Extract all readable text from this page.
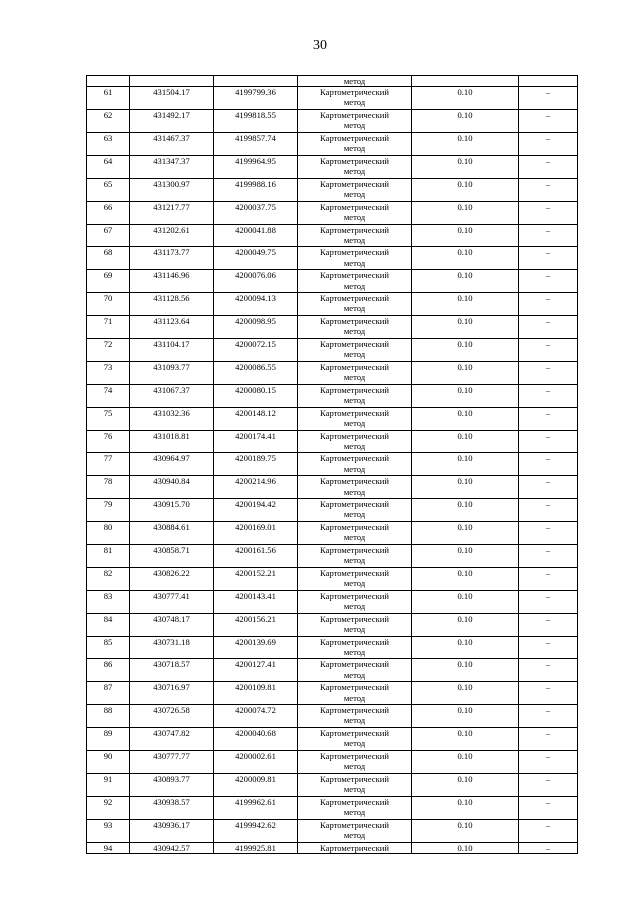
30
			метод		
61	431504.17	4199799.36	Картометрический
метод	0.10	–
62	431492.17	4199818.55	Картометрический
метод	0.10	–
63	431467.37	4199857.74	Картометрический
метод	0.10	–
64	431347.37	4199964.95	Картометрический
метод	0.10	–
65	431300.97	4199988.16	Картометрический
метод	0.10	–
66	431217.77	4200037.75	Картометрический
метод	0.10	–
67	431202.61	4200041.88	Картометрический
метод	0.10	–
68	431173.77	4200049.75	Картометрический
метод	0.10	–
69	431146.96	4200076.06	Картометрический
метод	0.10	–
70	431128.56	4200094.13	Картометрический
метод	0.10	–
71	431123.64	4200098.95	Картометрический
метод	0.10	–
72	431104.17	4200072.15	Картометрический
метод	0.10	–
73	431093.77	4200086.55	Картометрический
метод	0.10	–
74	431067.37	4200080.15	Картометрический
метод	0.10	–
75	431032.36	4200148.12	Картометрический
метод	0.10	–
76	431018.81	4200174.41	Картометрический
метод	0.10	–
77	430964.97	4200189.75	Картометрический
метод	0.10	–
78	430940.84	4200214.96	Картометрический
метод	0.10	–
79	430915.70	4200194.42	Картометрический
метод	0.10	–
80	430884.61	4200169.01	Картометрический
метод	0.10	–
81	430858.71	4200161.56	Картометрический
метод	0.10	–
82	430826.22	4200152.21	Картометрический
метод	0.10	–
83	430777.41	4200143.41	Картометрический
метод	0.10	–
84	430748.17	4200156.21	Картометрический
метод	0.10	–
85	430731.18	4200139.69	Картометрический
метод	0.10	–
86	430718.57	4200127.41	Картометрический
метод	0.10	–
87	430716.97	4200109.81	Картометрический
метод	0.10	–
88	430726.58	4200074.72	Картометрический
метод	0.10	–
89	430747.82	4200040.68	Картометрический
метод	0.10	–
90	430777.77	4200002.61	Картометрический
метод	0.10	–
91	430893.77	4200009.81	Картометрический
метод	0.10	–
92	430938.57	4199962.61	Картометрический
метод	0.10	–
93	430936.17	4199942.62	Картометрический
метод	0.10	–
94	430942.57	4199925.81	Картометрический	0.10	–
